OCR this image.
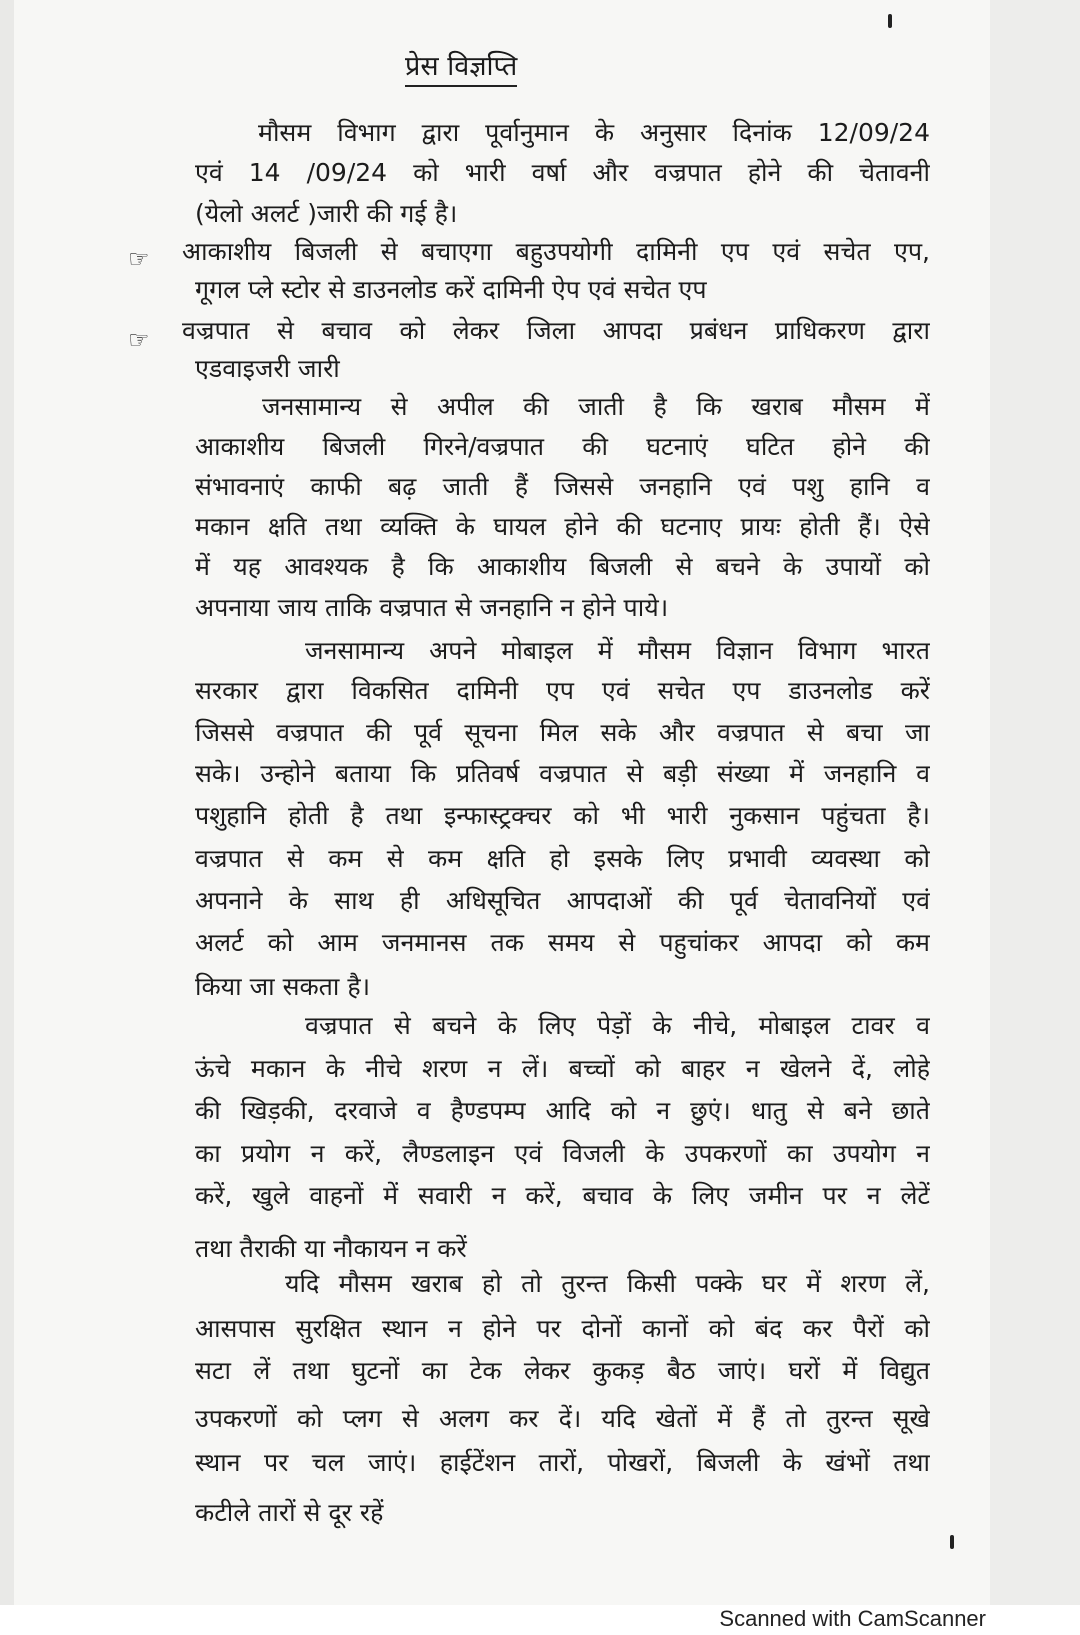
प्रेस विज्ञप्ति
मौसम विभाग द्वारा पूर्वानुमान के अनुसार दिनांक 12/09/24
एवं 14 /09/24 को भारी वर्षा और वज्रपात होने की चेतावनी
(येलो अलर्ट )जारी की गई है।
आकाशीय बिजली से बचाएगा बहुउपयोगी दामिनी एप एवं सचेत एप,
गूगल प्ले स्टोर से डाउनलोड करें दामिनी ऐप एवं सचेत एप
वज्रपात से बचाव को लेकर जिला आपदा प्रबंधन प्राधिकरण द्वारा
एडवाइजरी जारी
जनसामान्य से अपील की जाती है कि खराब मौसम में
आकाशीय बिजली गिरने/वज्रपात की घटनाएं घटित होने की
संभावनाएं काफी बढ़ जाती हैं जिससे जनहानि एवं पशु हानि व
मकान क्षति तथा व्यक्ति के घायल होने की घटनाए प्रायः होती हैं। ऐसे
में यह आवश्यक है कि आकाशीय बिजली से बचने के उपायों को
अपनाया जाय ताकि वज्रपात से जनहानि न होने पाये।
जनसामान्य अपने मोबाइल में मौसम विज्ञान विभाग भारत
सरकार द्वारा विकसित दामिनी एप एवं सचेत एप डाउनलोड करें
जिससे वज्रपात की पूर्व सूचना मिल सके और वज्रपात से बचा जा
सके। उन्होने बताया कि प्रतिवर्ष वज्रपात से बड़ी संख्या में जनहानि व
पशुहानि होती है तथा इन्फास्ट्रक्चर को भी भारी नुकसान पहुंचता है।
वज्रपात से कम से कम क्षति हो इसके लिए प्रभावी व्यवस्था को
अपनाने के साथ ही अधिसूचित आपदाओं की पूर्व चेतावनियों एवं
अलर्ट को आम जनमानस तक समय से पहुचांकर आपदा को कम
किया जा सकता है।
वज्रपात से बचने के लिए पेड़ों के नीचे, मोबाइल टावर व
ऊंचे मकान के नीचे शरण न लें। बच्चों को बाहर न खेलने दें, लोहे
की खिड़की, दरवाजे व हैण्डपम्प आदि को न छुएं। धातु से बने छाते
का प्रयोग न करें, लैण्डलाइन एवं विजली के उपकरणों का उपयोग न
करें, खुले वाहनों में सवारी न करें, बचाव के लिए जमीन पर न लेटें
तथा तैराकी या नौकायन न करें
यदि मौसम खराब हो तो तुरन्त किसी पक्के घर में शरण लें,
आसपास सुरक्षित स्थान न होने पर दोनों कानों को बंद कर पैरों को
सटा लें तथा घुटनों का टेक लेकर कुकड़ बैठ जाएं। घरों में विद्युत
उपकरणों को प्लग से अलग कर दें। यदि खेतों में हैं तो तुरन्त सूखे
स्थान पर चल जाएं। हाईटेंशन तारों, पोखरों, बिजली के खंभों तथा
कटीले तारों से दूर रहें
☞
☞
Scanned with CamScanner
